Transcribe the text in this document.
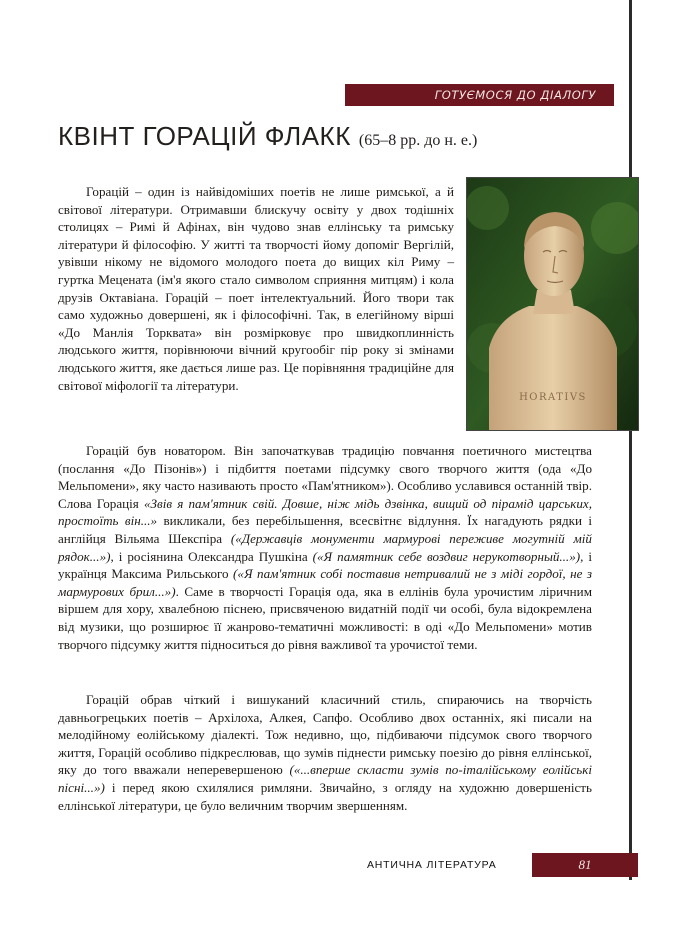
ГОТУЄМОСЯ ДО ДІАЛОГУ
КВІНТ ГОРАЦІЙ ФЛАКК (65–8 рр. до н. е.)
HORATIVS

Горацій – один із найвідоміших поетів не лише римської, а й світової літератури. Отримавши блискучу освіту у двох тодішніх столицях – Римі й Афінах, він чудово знав еллінську та римську літератури й філософію. У житті та творчості йому допоміг Вергілій, увівши нікому не відомого молодого поета до вищих кіл Риму – гуртка Мецената (ім'я якого стало символом сприяння митцям) і кола друзів Октавіана. Горацій – поет інтелектуальний. Його твори так само художньо довершені, як і філософічні. Так, в елегійному вірші «До Манлія Торквата» він розмірковує про швидкоплинність людського життя, порівнюючи вічний кругообіг пір року зі змінами людського життя, яке дається лише раз. Це порівняння традиційне для світової міфології та літератури.

Горацій був новатором. Він започаткував традицію повчання поетичного мистецтва (послання «До Пізонів») і підбиття поетами підсумку свого творчого життя (ода «До Мельпомени», яку часто називають просто «Пам'ятником»). Особливо уславився останній твір. Слова Горація «Звів я пам'ятник свій. Довше, ніж мідь дзвінка, вищий од пірамід царських, простоїть він...» викликали, без перебільшення, всесвітнє відлуння. Їх нагадують рядки і англійця Вільяма Шекспіра («Державців монументи мармурові переживе могутній мій рядок...»), і росіянина Олександра Пушкіна («Я памятник себе воздвиг нерукотворный...»), і українця Максима Рильського («Я пам'ятник собі поставив нетривалий не з міді гордої, не з мармурових брил...»). Саме в творчості Горація ода, яка в еллінів була урочистим ліричним віршем для хору, хвалебною піснею, присвяченою видатній події чи особі, була відокремлена від музики, що розширює її жанрово-тематичні можливості: в оді «До Мельпомени» мотив творчого підсумку життя підноситься до рівня важливої та урочистої теми.

Горацій обрав чіткий і вишуканий класичний стиль, спираючись на творчість давньогрецьких поетів – Архілоха, Алкея, Сапфо. Особливо двох останніх, які писали на мелодійному еолійському діалекті. Тож недивно, що, підбиваючи підсумок свого творчого життя, Горацій особливо підкреслював, що зумів піднести римську поезію до рівня еллінської, яку до того вважали неперевершеною («...вперше скласти зумів по-італійському еолійські пісні...») і перед якою схилялися римляни. Звичайно, з огляду на художню довершеність еллінської літератури, це було величним творчим звершенням.

АНТИЧНА ЛІТЕРАТУРА	81
